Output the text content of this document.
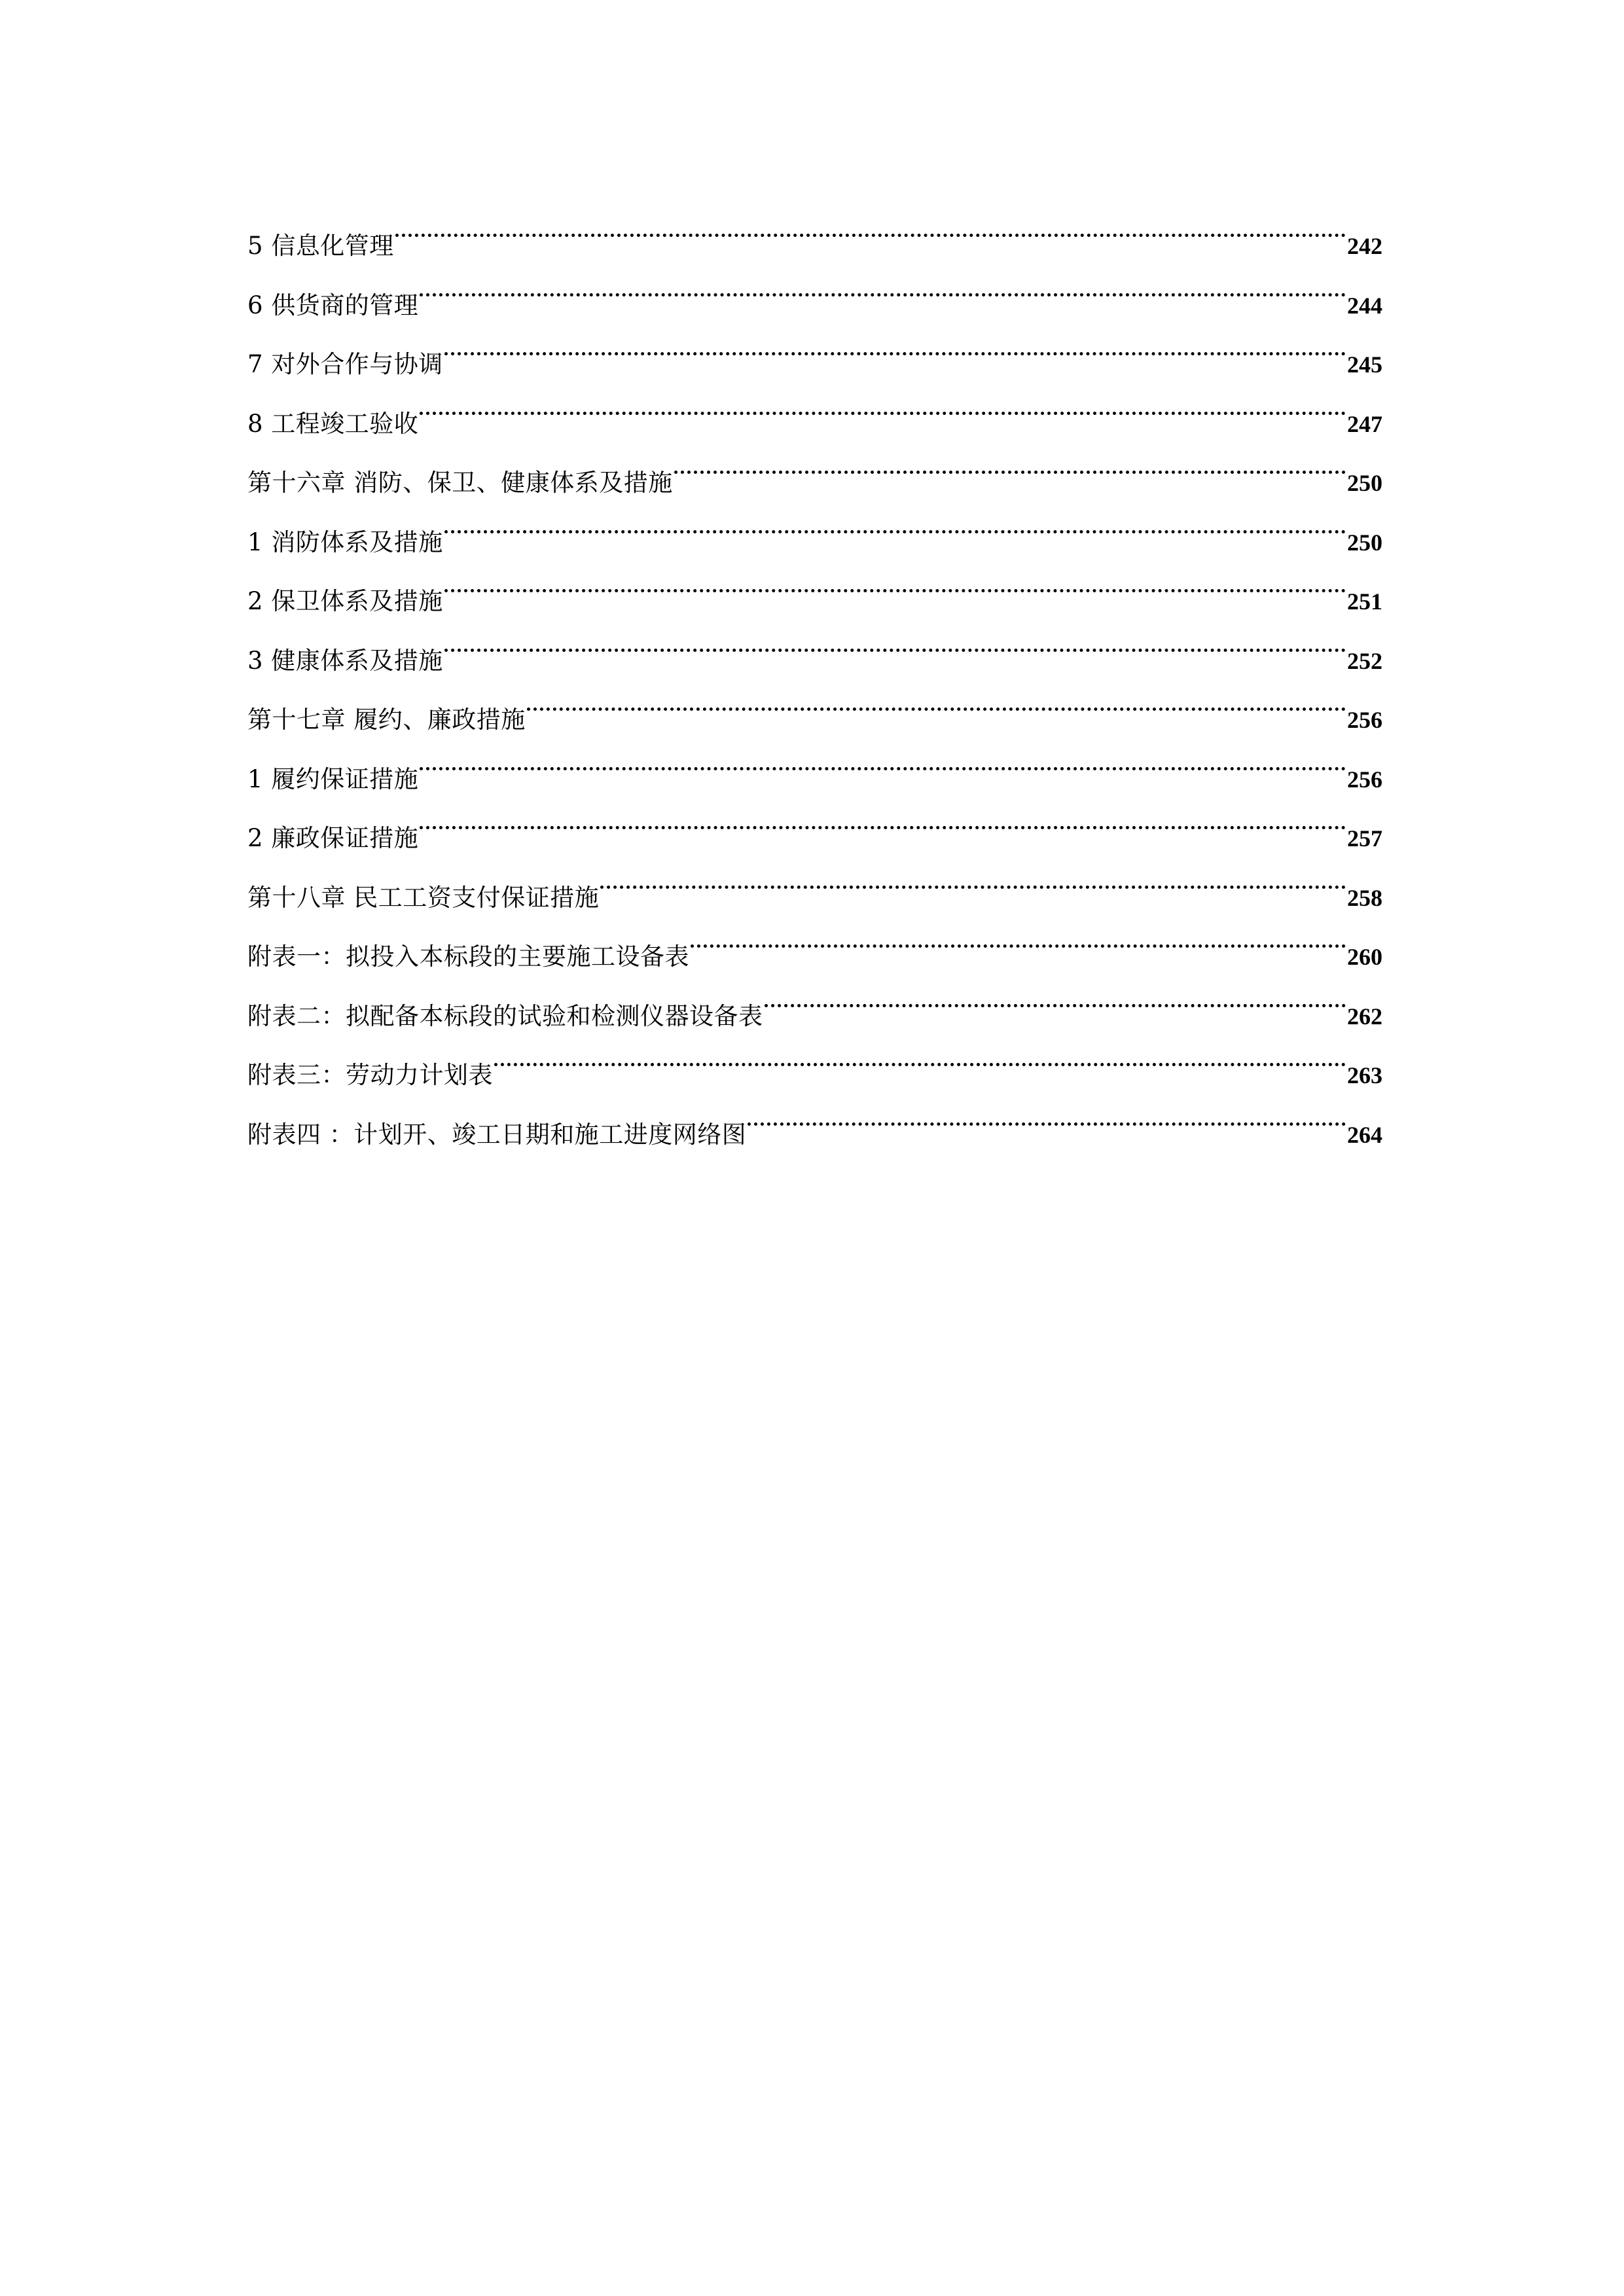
5 信息化管理	242
6 供货商的管理	244
7 对外合作与协调	245
8 工程竣工验收	247
第十六章 消防、保卫、健康体系及措施	250
1 消防体系及措施	250
2 保卫体系及措施	251
3 健康体系及措施	252
第十七章 履约、廉政措施	256
1 履约保证措施	256
2 廉政保证措施	257
第十八章 民工工资支付保证措施	258
附表一：拟投入本标段的主要施工设备表	260
附表二：拟配备本标段的试验和检测仪器设备表	262
附表三：劳动力计划表	263
附表四 ：计划开、竣工日期和施工进度网络图	264
